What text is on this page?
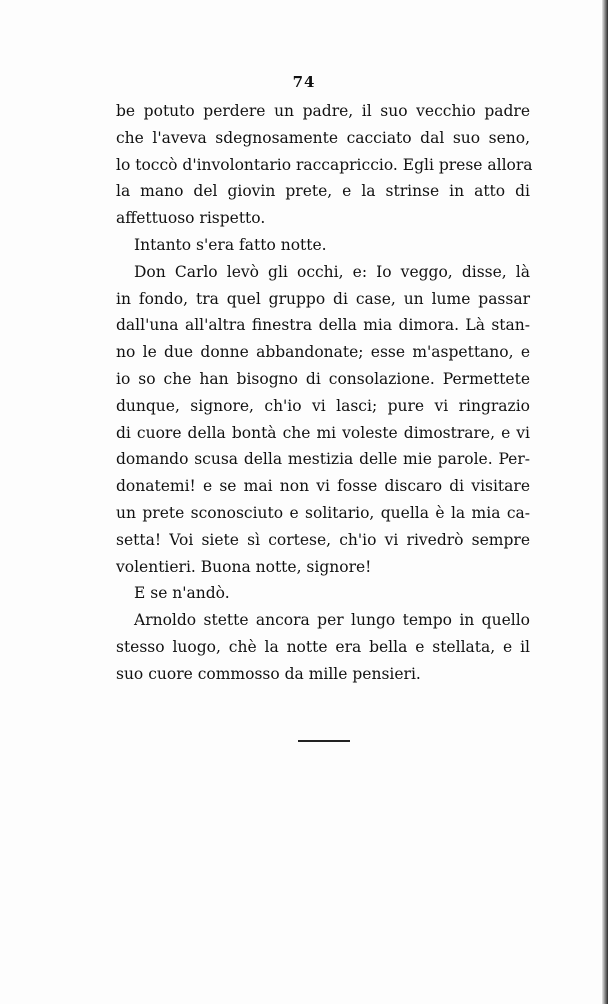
74
be potuto perdere un padre, il suo vecchio padre
che l'aveva sdegnosamente cacciato dal suo seno,
lo toccò d'involontario raccapriccio. Egli prese allora
la mano del giovin prete, e la strinse in atto di
affettuoso rispetto.
Intanto s'era fatto notte.
Don Carlo levò gli occhi, e: Io veggo, disse, là
in fondo, tra quel gruppo di case, un lume passar
dall'una all'altra finestra della mia dimora. Là stan-
no le due donne abbandonate; esse m'aspettano, e
io so che han bisogno di consolazione. Permettete
dunque, signore, ch'io vi lasci; pure vi ringrazio
di cuore della bontà che mi voleste dimostrare, e vi
domando scusa della mestizia delle mie parole. Per-
donatemi! e se mai non vi fosse discaro di visitare
un prete sconosciuto e solitario, quella è la mia ca-
setta! Voi siete sì cortese, ch'io vi rivedrò sempre
volentieri. Buona notte, signore!
E se n'andò.
Arnoldo stette ancora per lungo tempo in quello
stesso luogo, chè la notte era bella e stellata, e il
suo cuore commosso da mille pensieri.
